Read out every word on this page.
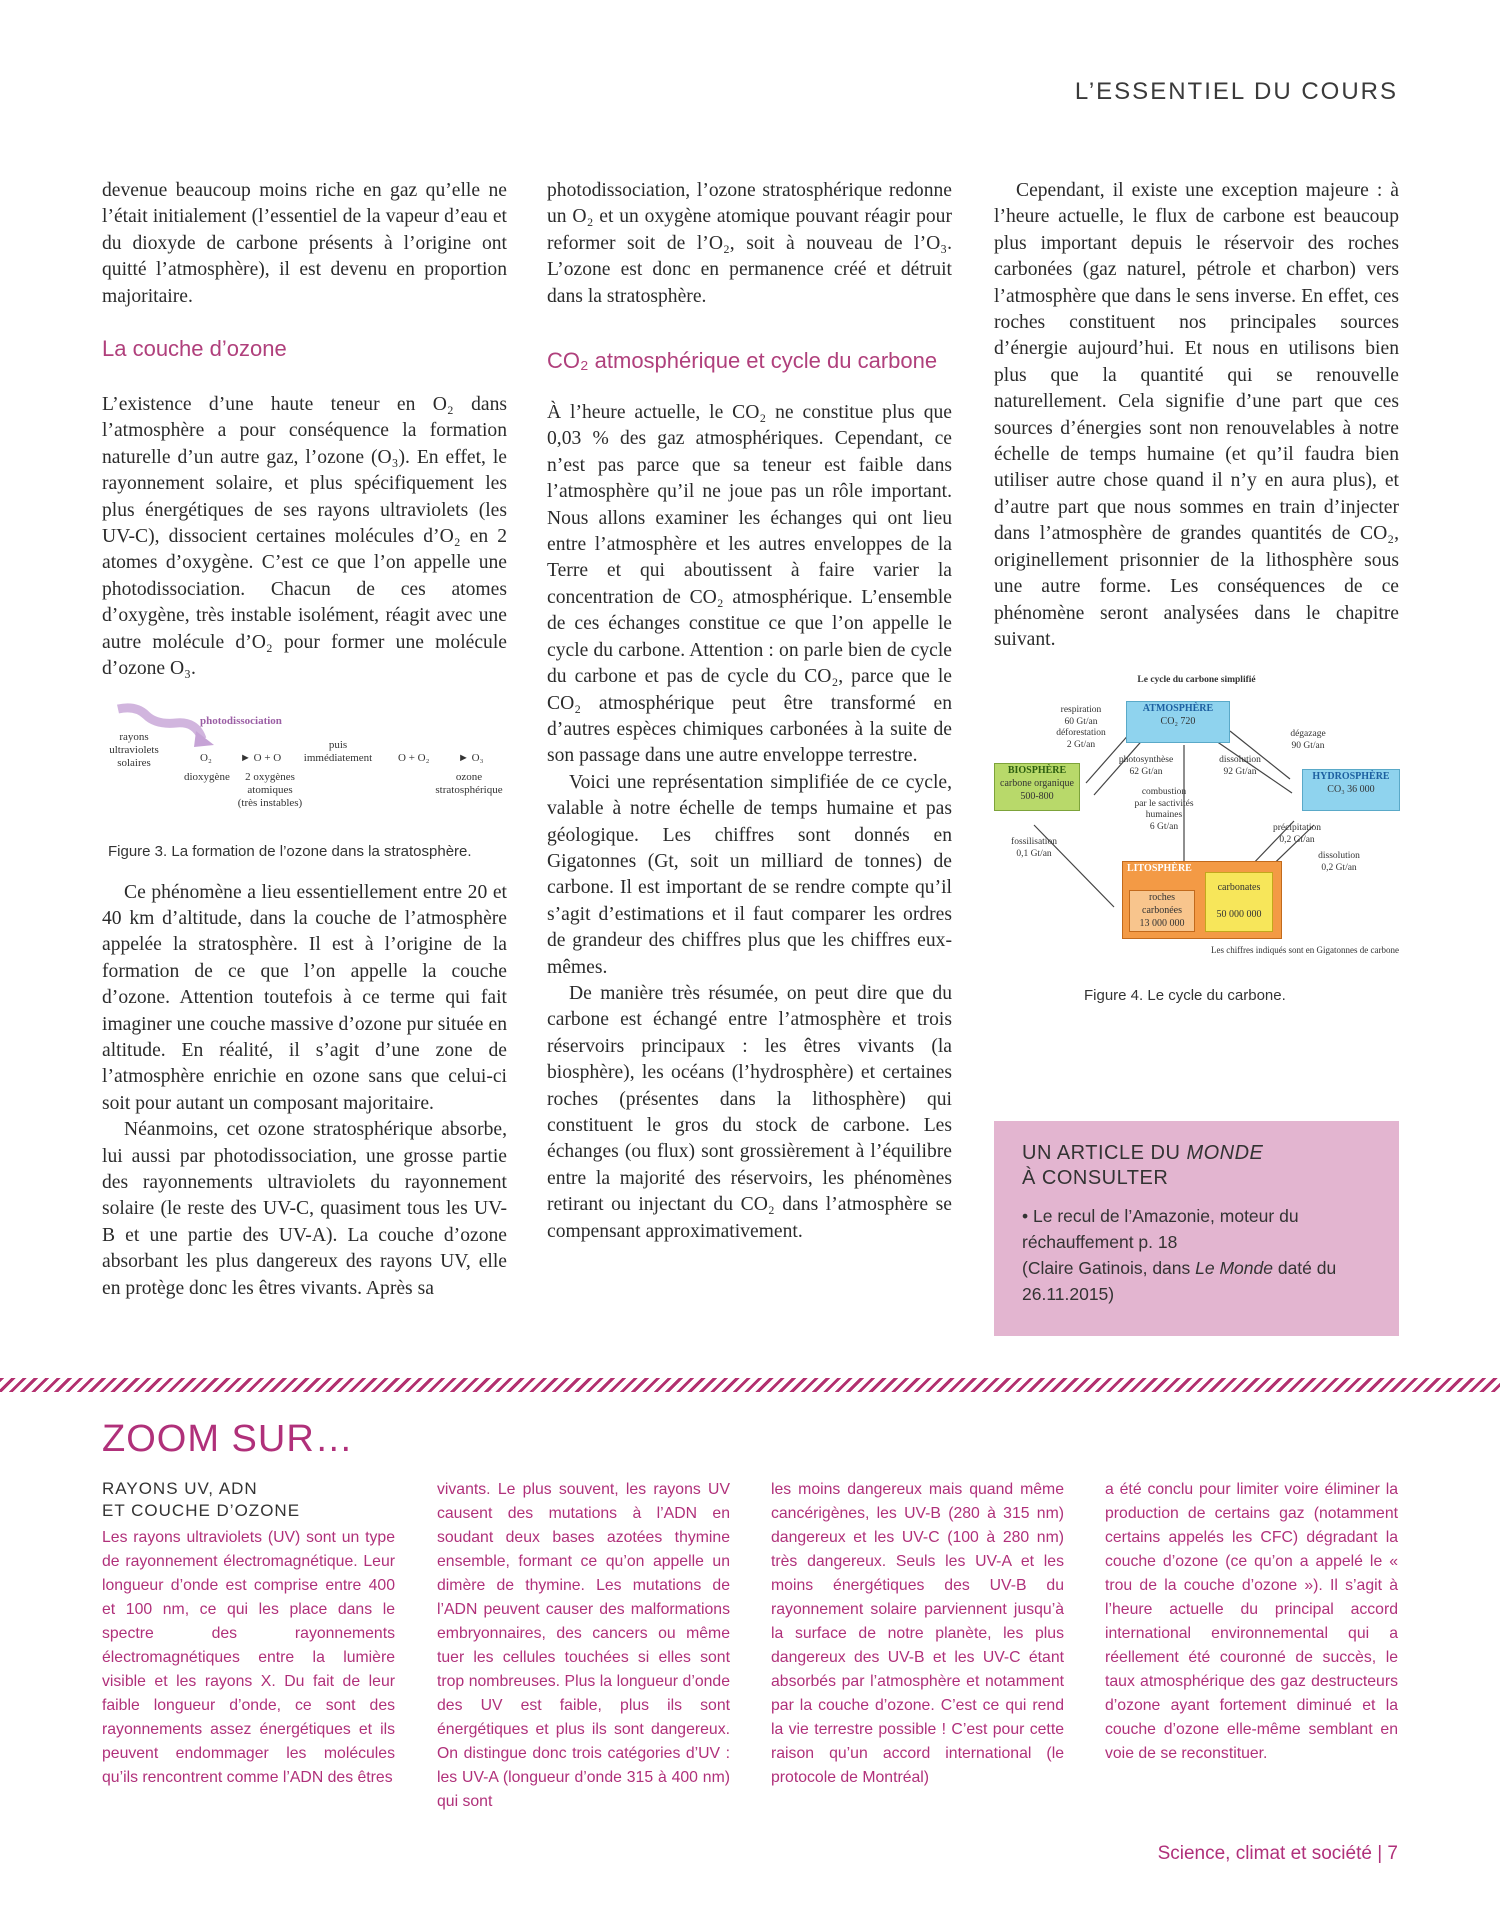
L’ESSENTIEL DU COURS

devenue beaucoup moins riche en gaz qu’elle ne l’était initialement (l’essentiel de la vapeur d’eau et du dioxyde de carbone présents à l’origine ont quitté l’atmosphère), il est devenu en proportion majoritaire.

La couche d’ozone

L’existence d’une haute teneur en O₂ dans l’atmosphère a pour conséquence la formation naturelle d’un autre gaz, l’ozone (O₃). En effet, le rayonnement solaire, et plus spécifiquement les plus énergétiques de ses rayons ultraviolets (les UV-C), dissocient certaines molécules d’O₂ en 2 atomes d’oxygène. C’est ce que l’on appelle une photodissociation. Chacun de ces atomes d’oxygène, très instable isolément, réagit avec une autre molécule d’O₂ pour former une molécule d’ozone O₃.

rayons
ultraviolets
solaires
photodissociation
O₂	► O + O
puis
immédiatement	O + O₂	► O₃
dioxygène	2 oxygènes
atomiques
(très instables)
ozone
stratosphérique
Figure 3. La formation de l’ozone dans la stratosphère.

Ce phénomène a lieu essentiellement entre 20 et 40 km d’altitude, dans la couche de l’atmosphère appelée la stratosphère. Il est à l’origine de la formation de ce que l’on appelle la couche d’ozone. Attention toutefois à ce terme qui fait imaginer une couche massive d’ozone pur située en altitude. En réalité, il s’agit d’une zone de l’atmosphère enrichie en ozone sans que celui-ci soit pour autant un composant majoritaire.

Néanmoins, cet ozone stratosphérique absorbe, lui aussi par photodissociation, une grosse partie des rayonnements ultraviolets du rayonnement solaire (le reste des UV-C, quasiment tous les UV-B et une partie des UV-A). La couche d’ozone absorbant les plus dangereux des rayons UV, elle en protège donc les êtres vivants. Après sa

photodissociation, l’ozone stratosphérique redonne un O₂ et un oxygène atomique pouvant réagir pour reformer soit de l’O₂, soit à nouveau de l’O₃. L’ozone est donc en permanence créé et détruit dans la stratosphère.

CO₂ atmosphérique et cycle du carbone

À l’heure actuelle, le CO₂ ne constitue plus que 0,03 % des gaz atmosphériques. Cependant, ce n’est pas parce que sa teneur est faible dans l’atmosphère qu’il ne joue pas un rôle important. Nous allons examiner les échanges qui ont lieu entre l’atmosphère et les autres enveloppes de la Terre et qui aboutissent à faire varier la concentration de CO₂ atmosphérique. L’ensemble de ces échanges constitue ce que l’on appelle le cycle du carbone. Attention : on parle bien de cycle du carbone et pas de cycle du CO₂, parce que le CO₂ atmosphérique peut être transformé en d’autres espèces chimiques carbonées à la suite de son passage dans une autre enveloppe terrestre.

Voici une représentation simplifiée de ce cycle, valable à notre échelle de temps humaine et pas géologique. Les chiffres sont donnés en Gigatonnes (Gt, soit un milliard de tonnes) de carbone. Il est important de se rendre compte qu’il s’agit d’estimations et il faut comparer les ordres de grandeur des chiffres plus que les chiffres eux-mêmes.

De manière très résumée, on peut dire que du carbone est échangé entre l’atmosphère et trois réservoirs principaux : les êtres vivants (la biosphère), les océans (l’hydrosphère) et certaines roches (présentes dans la lithosphère) qui constituent le gros du stock de carbone. Les échanges (ou flux) sont grossièrement à l’équilibre entre la majorité des réservoirs, les phénomènes retirant ou injectant du CO₂ dans l’atmosphère se compensant approximativement.

Cependant, il existe une exception majeure : à l’heure actuelle, le flux de carbone est beaucoup plus important depuis le réservoir des roches carbonées (gaz naturel, pétrole et charbon) vers l’atmosphère que dans le sens inverse. En effet, ces roches constituent nos principales sources d’énergie aujourd’hui. Et nous en utilisons bien plus que la quantité qui se renouvelle naturellement. Cela signifie d’une part que ces sources d’énergies sont non renouvelables à notre échelle de temps humaine (et qu’il faudra bien utiliser autre chose quand il n’y en aura plus), et d’autre part que nous sommes en train d’injecter dans l’atmosphère de grandes quantités de CO₂, originellement prisonnier de la lithosphère sous une autre forme. Les conséquences de ce phénomène seront analysées dans le chapitre suivant.

Le cycle du carbone simplifié
ATMOSPHÈRE
CO₂ 720
BIOSPHÈRE
carbone organique
500-800
HYDROSPHÈRE
CO₃ 36 000
LITOSPHÈRE
roches
carbonées
13 000 000
carbonates
50 000 000
respiration
60 Gt/an
déforestation
2 Gt/an
photosynthèse
62 Gt/an
dissolution
92 Gt/an
dégazage
90 Gt/an
combustion
par le sactivités
humaines
6 Gt/an	précipitation
0,2 Gt/an
fossilisation
0,1 Gt/an	dissolution
0,2 Gt/an
Les chiffres indiqués sont en Gigatonnes de carbone
Figure 4. Le cycle du carbone.
UN ARTICLE DU MONDE
À CONSULTER
• Le recul de l’Amazonie, moteur du réchauffement p. 18
(Claire Gatinois, dans Le Monde daté du 26.11.2015)
ZOOM SUR…
RAYONS UV, ADN
ET COUCHE D’OZONE

Les rayons ultraviolets (UV) sont un type de rayonnement électromagnétique. Leur longueur d’onde est comprise entre 400 et 100 nm, ce qui les place dans le spectre des rayonnements électromagnétiques entre la lumière visible et les rayons X. Du fait de leur faible longueur d’onde, ce sont des rayonnements assez énergétiques et ils peuvent endommager les molécules qu’ils rencontrent comme l’ADN des êtres

vivants. Le plus souvent, les rayons UV causent des mutations à l’ADN en soudant deux bases azotées thymine ensemble, formant ce qu’on appelle un dimère de thymine. Les mutations de l’ADN peuvent causer des malformations embryonnaires, des cancers ou même tuer les cellules touchées si elles sont trop nombreuses. Plus la longueur d’onde des UV est faible, plus ils sont énergétiques et plus ils sont dangereux. On distingue donc trois catégories d’UV : les UV-A (longueur d’onde 315 à 400 nm) qui sont

les moins dangereux mais quand même cancérigènes, les UV-B (280 à 315 nm) dangereux et les UV-C (100 à 280 nm) très dangereux. Seuls les UV-A et les moins énergétiques des UV-B du rayonnement solaire parviennent jusqu’à la surface de notre planète, les plus dangereux des UV-B et les UV-C étant absorbés par l’atmosphère et notamment par la couche d’ozone. C’est ce qui rend la vie terrestre possible ! C’est pour cette raison qu’un accord international (le protocole de Montréal)

a été conclu pour limiter voire éliminer la production de certains gaz (notamment certains appelés les CFC) dégradant la couche d’ozone (ce qu’on a appelé le « trou de la couche d’ozone »). Il s’agit à l’heure actuelle du principal accord international environnemental qui a réellement été couronné de succès, le taux atmosphérique des gaz destructeurs d’ozone ayant fortement diminué et la couche d’ozone elle-même semblant en voie de se reconstituer.

Science, climat et société | 7
